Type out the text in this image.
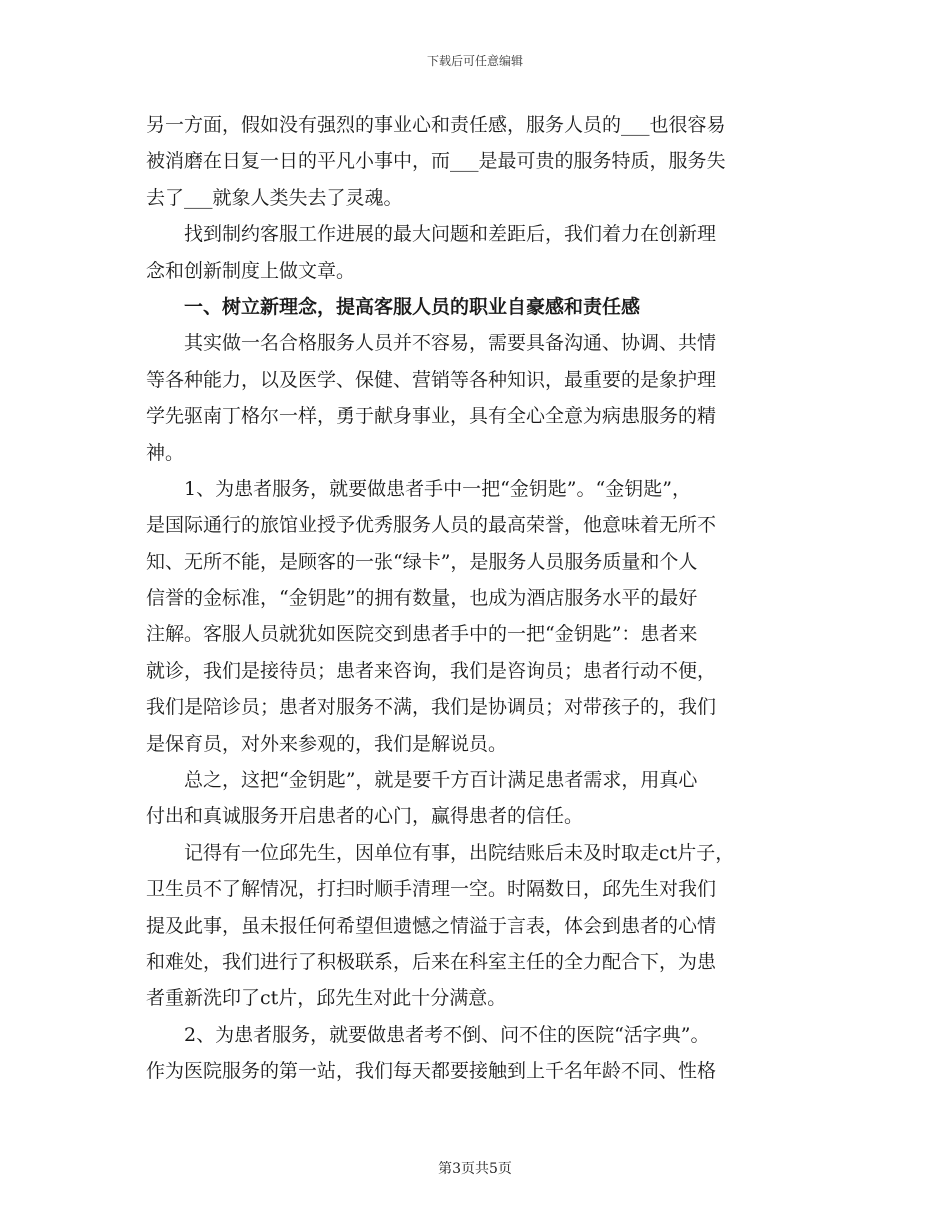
下载后可任意编辑
另一方面，假如没有强烈的事业心和责任感，服务人员的___也很容易
被消磨在日复一日的平凡小事中，而___是最可贵的服务特质，服务失
去了___就象人类失去了灵魂。
找到制约客服工作进展的最大问题和差距后，我们着力在创新理
念和创新制度上做文章。
一、树立新理念，提高客服人员的职业自豪感和责任感
其实做一名合格服务人员并不容易，需要具备沟通、协调、共情
等各种能力，以及医学、保健、营销等各种知识，最重要的是象护理
学先驱南丁格尔一样，勇于献身事业，具有全心全意为病患服务的精
神。
1、为患者服务，就要做患者手中一把“金钥匙”。“金钥匙”，
是国际通行的旅馆业授予优秀服务人员的最高荣誉，他意味着无所不
知、无所不能，是顾客的一张“绿卡”，是服务人员服务质量和个人
信誉的金标准，“金钥匙”的拥有数量，也成为酒店服务水平的最好
注解。客服人员就犹如医院交到患者手中的一把“金钥匙”：患者来
就诊，我们是接待员；患者来咨询，我们是咨询员；患者行动不便，
我们是陪诊员；患者对服务不满，我们是协调员；对带孩子的，我们
是保育员，对外来参观的，我们是解说员。
总之，这把“金钥匙”，就是要千方百计满足患者需求，用真心
付出和真诚服务开启患者的心门，赢得患者的信任。
记得有一位邱先生，因单位有事，出院结账后未及时取走ct片子，
卫生员不了解情况，打扫时顺手清理一空。时隔数日，邱先生对我们
提及此事，虽未报任何希望但遗憾之情溢于言表，体会到患者的心情
和难处，我们进行了积极联系，后来在科室主任的全力配合下，为患
者重新洗印了ct片，邱先生对此十分满意。
2、为患者服务，就要做患者考不倒、问不住的医院“活字典”。
作为医院服务的第一站，我们每天都要接触到上千名年龄不同、性格
第3页共5页
